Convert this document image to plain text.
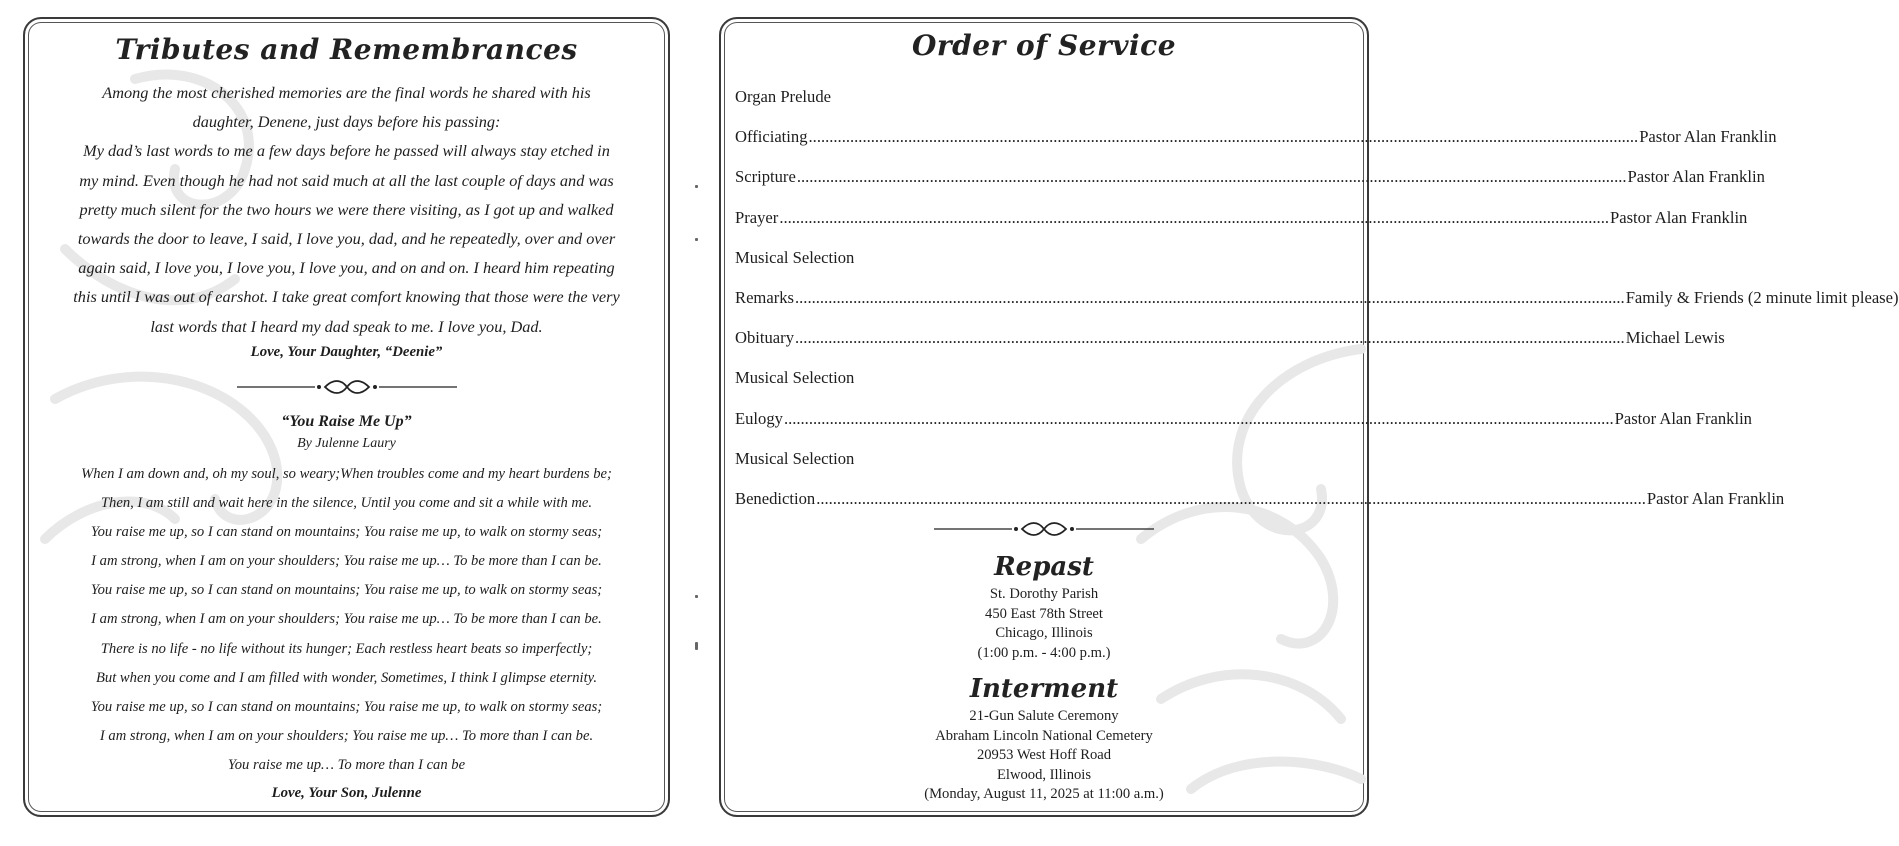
Tributes and Remembrances
Among the most cherished memories are the final words he shared with his
daughter, Denene, just days before his passing:
My dad’s last words to me a few days before he passed will always stay etched in
my mind. Even though he had not said much at all the last couple of days and was
pretty much silent for the two hours we were there visiting, as I got up and walked
towards the door to leave, I said, I love you, dad, and he repeatedly, over and over
again said, I love you, I love you, I love you, and on and on. I heard him repeating
this until I was out of earshot. I take great comfort knowing that those were the very
last words that I heard my dad speak to me. I love you, Dad.
Love, Your Daughter, “Deenie”
“You Raise Me Up”
By Julenne Laury
When I am down and, oh my soul, so weary;When troubles come and my heart burdens be;
Then, I am still and wait here in the silence, Until you come and sit a while with me.
You raise me up, so I can stand on mountains; You raise me up, to walk on stormy seas;
I am strong, when I am on your shoulders; You raise me up… To be more than I can be.
You raise me up, so I can stand on mountains; You raise me up, to walk on stormy seas;
I am strong, when I am on your shoulders; You raise me up… To be more than I can be.
There is no life - no life without its hunger; Each restless heart beats so imperfectly;
But when you come and I am filled with wonder, Sometimes, I think I glimpse eternity.
You raise me up, so I can stand on mountains; You raise me up, to walk on stormy seas;
I am strong, when I am on your shoulders; You raise me up… To more than I can be.
You raise me up… To more than I can be
Love, Your Son, Julenne
Order of Service
Organ Prelude
Officiating ........................................................................................................................................................................................................ Pastor Alan Franklin
Scripture ........................................................................................................................................................................................................ Pastor Alan Franklin
Prayer ........................................................................................................................................................................................................ Pastor Alan Franklin
Musical Selection
Remarks ........................................................................................................................................................................................................ Family & Friends (2 minute limit please)
Obituary ........................................................................................................................................................................................................ Michael Lewis
Musical Selection
Eulogy ........................................................................................................................................................................................................ Pastor Alan Franklin
Musical Selection
Benediction ........................................................................................................................................................................................................ Pastor Alan Franklin
Repast
St. Dorothy Parish
450 East 78th Street
Chicago, Illinois
(1:00 p.m. - 4:00 p.m.)
Interment
21-Gun Salute Ceremony
Abraham Lincoln National Cemetery
20953 West Hoff Road
Elwood, Illinois
(Monday, August 11, 2025 at 11:00 a.m.)
